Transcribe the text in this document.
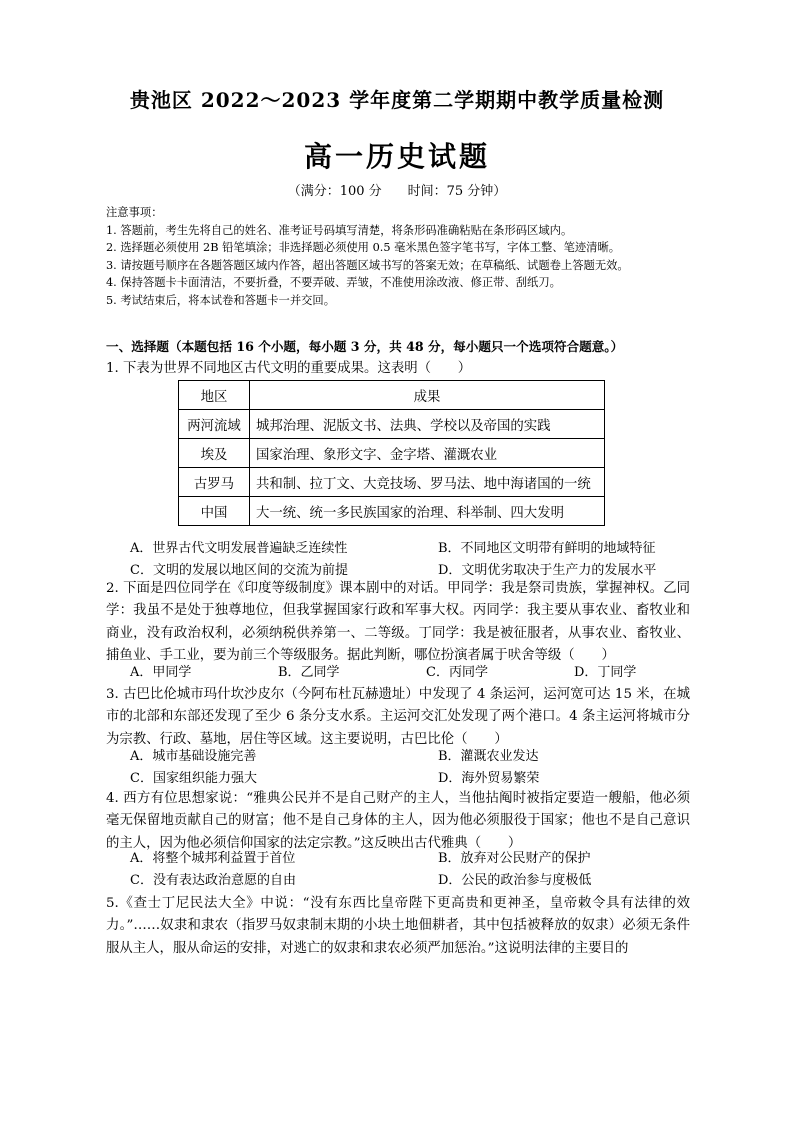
贵池区 2022～2023 学年度第二学期期中教学质量检测
高一历史试题
（满分：100 分　　时间：75 分钟）
注意事项：
1. 答题前，考生先将自己的姓名、准考证号码填写清楚，将条形码准确粘贴在条形码区域内。
2. 选择题必须使用 2B 铅笔填涂；非选择题必须使用 0.5 毫米黑色签字笔书写，字体工整、笔迹清晰。
3. 请按题号顺序在各题答题区域内作答，超出答题区域书写的答案无效；在草稿纸、试题卷上答题无效。
4. 保持答题卡卡面清洁，不要折叠，不要弄破、弄皱，不准使用涂改液、修正带、刮纸刀。
5. 考试结束后，将本试卷和答题卡一并交回。
一、选择题（本题包括 16 个小题，每小题 3 分，共 48 分，每小题只一个选项符合题意。）
1. 下表为世界不同地区古代文明的重要成果。这表明（　　）
地区	成果
两河流域	城邦治理、泥版文书、法典、学校以及帝国的实践
埃及	国家治理、象形文字、金字塔、灌溉农业
古罗马	共和制、拉丁文、大竞技场、罗马法、地中海诸国的一统
中国	大一统、统一多民族国家的治理、科举制、四大发明
A．世界古代文明发展普遍缺乏连续性	B．不同地区文明带有鲜明的地域特征
C．文明的发展以地区间的交流为前提	D．文明优劣取决于生产力的发展水平
2. 下面是四位同学在《印度等级制度》课本剧中的对话。甲同学：我是祭司贵族，掌握神权。乙同学：我虽不是处于独尊地位，但我掌握国家行政和军事大权。丙同学：我主要从事农业、畜牧业和商业，没有政治权利，必须纳税供养第一、二等级。丁同学：我是被征服者，从事农业、畜牧业、捕鱼业、手工业，要为前三个等级服务。据此判断，哪位扮演者属于吠舍等级（　　）
A．甲同学	B．乙同学	C．丙同学	D．丁同学
3. 古巴比伦城市玛什坎沙皮尔（今阿布杜瓦赫遗址）中发现了 4 条运河，运河宽可达 15 米，在城市的北部和东部还发现了至少 6 条分支水系。主运河交汇处发现了两个港口。4 条主运河将城市分为宗教、行政、墓地，居住等区域。这主要说明，古巴比伦（　　）
A．城市基础设施完善	B．灌溉农业发达
C．国家组织能力强大	D．海外贸易繁荣
4. 西方有位思想家说：“雅典公民并不是自己财产的主人，当他拈阄时被指定要造一艘船，他必须毫无保留地贡献自己的财富；他不是自己身体的主人，因为他必须服役于国家；他也不是自己意识的主人，因为他必须信仰国家的法定宗教。”这反映出古代雅典（　　）
A．将整个城邦利益置于首位	B．放弃对公民财产的保护
C．没有表达政治意愿的自由	D．公民的政治参与度极低
5.《查士丁尼民法大全》中说：“没有东西比皇帝陛下更高贵和更神圣，皇帝敕令具有法律的效力。”……奴隶和隶农（指罗马奴隶制末期的小块土地佃耕者，其中包括被释放的奴隶）必须无条件服从主人，服从命运的安排，对逃亡的奴隶和隶农必须严加惩治。”这说明法律的主要目的
